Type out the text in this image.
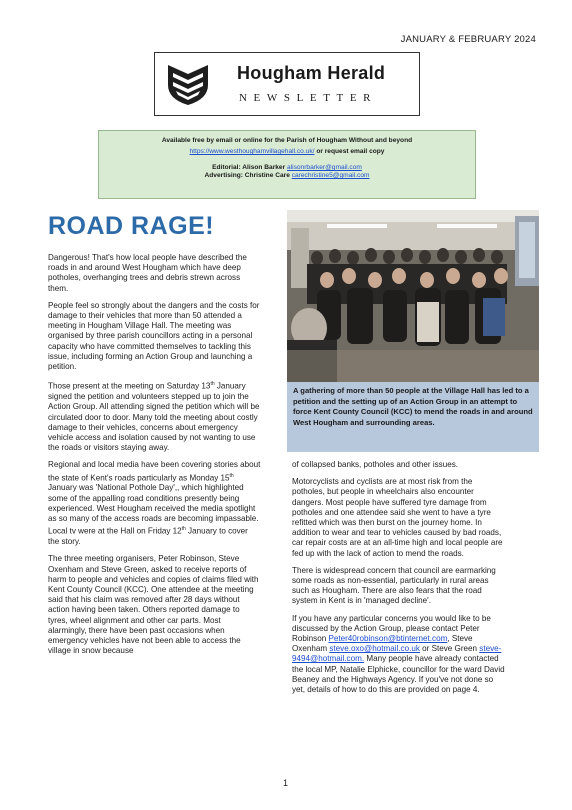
JANUARY & FEBRUARY 2024
Hougham Herald
NEWSLETTER
Available free by email or online for the Parish of Hougham Without and beyond
https://www.westhoughamvillagehall.co.uk/ or request email copy
Editorial: Alison Barker alisonrbarker@gmail.com
Advertising: Christine Care carechristine5@gmail.com
ROAD RAGE!

Dangerous! That's how local people have described the roads in and around West Hougham which have deep potholes, overhanging trees and debris strewn across them.

People feel so strongly about the dangers and the costs for damage to their vehicles that more than 50 attended a meeting in Hougham Village Hall. The meeting was organised by three parish councillors acting in a personal capacity who have committed themselves to tackling this issue, including forming an Action Group and launching a petition.

Those present at the meeting on Saturday 13th January signed the petition and volunteers stepped up to join the Action Group. All attending signed the petition which will be circulated door to door. Many told the meeting about costly damage to their vehicles, concerns about emergency vehicle access and isolation caused by not wanting to use the roads or visitors staying away.

Regional and local media have been covering stories about the state of Kent's roads particularly as Monday 15th January was 'National Pothole Day',, which highlighted some of the appalling road conditions presently being experienced. West Hougham received the media spotlight as so many of the access roads are becoming impassable. Local tv were at the Hall on Friday 12th January to cover the story.

The three meeting organisers, Peter Robinson, Steve Oxenham and Steve Green, asked to receive reports of harm to people and vehicles and copies of claims filed with Kent County Council (KCC). One attendee at the meeting said that his claim was removed after 28 days without action having been taken. Others reported damage to tyres, wheel alignment and other car parts. Most alarmingly, there have been past occasions when emergency vehicles have not been able to access the village in snow because

A gathering of more than 50 people at the Village Hall has led to a petition and the setting up of an Action Group in an attempt to force Kent County Council (KCC) to mend the roads in and around West Hougham and surrounding areas.

of collapsed banks, potholes and other issues.

Motorcyclists and cyclists are at most risk from the potholes, but people in wheelchairs also encounter dangers. Most people have suffered tyre damage from potholes and one attendee said she went to have a tyre refitted which was then burst on the journey home. In addition to wear and tear to vehicles caused by bad roads, car repair costs are at an all-time high and local people are fed up with the lack of action to mend the roads.

There is widespread concern that council are earmarking some roads as non-essential, particularly in rural areas such as Hougham. There are also fears that the road system in Kent is in 'managed decline'.

If you have any particular concerns you would like to be discussed by the Action Group, please contact Peter Robinson Peter40robinson@btinternet.com, Steve Oxenham steve.oxo@hotmail.co.uk or Steve Green steve-9494@hotmail.com. Many people have already contacted the local MP, Natalie Elphicke, councillor for the ward David Beaney and the Highways Agency. If you've not done so yet, details of how to do this are provided on page 4.

1
